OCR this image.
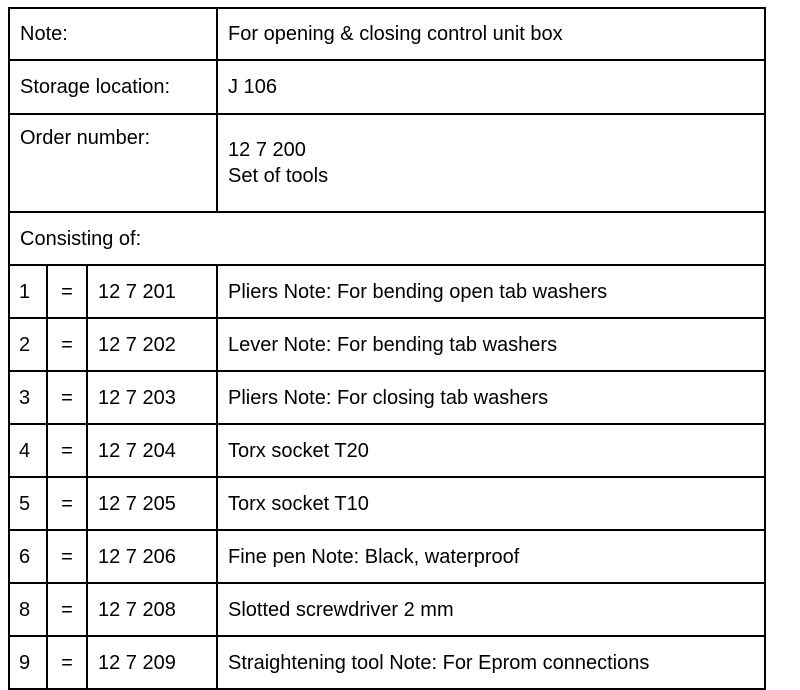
Note:			For opening & closing control unit box
Storage location:			J 106
Order number:			12 7 200
Set of tools

Consisting of:			
1	=	12 7 201	Pliers Note: For bending open tab washers
2	=	12 7 202	Lever Note: For bending tab washers
3	=	12 7 203	Pliers Note: For closing tab washers
4	=	12 7 204	Torx socket T20
5	=	12 7 205	Torx socket T10
6	=	12 7 206	Fine pen Note: Black, waterproof
8	=	12 7 208	Slotted screwdriver 2 mm
9	=	12 7 209	Straightening tool Note: For Eprom connections
